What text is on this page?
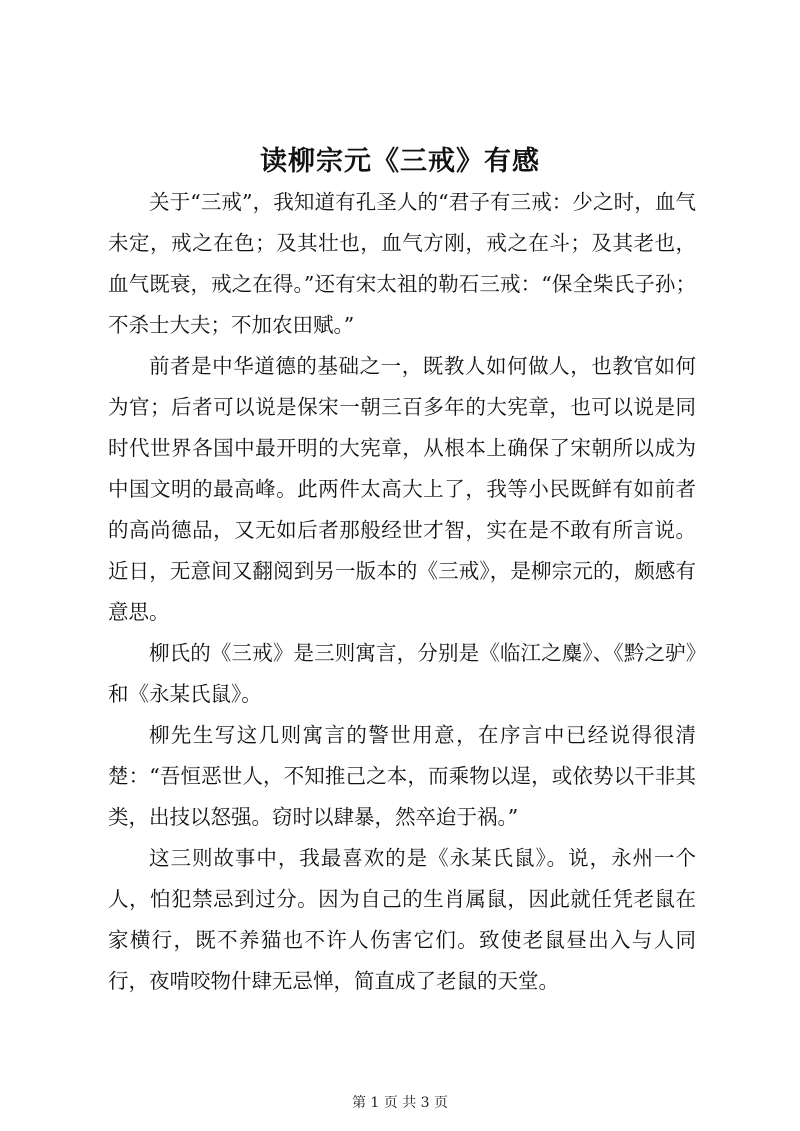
读柳宗元《三戒》有感

关于“三戒”，我知道有孔圣人的“君子有三戒：少之时，血气未定，戒之在色；及其壮也，血气方刚，戒之在斗；及其老也，血气既衰，戒之在得。”还有宋太祖的勒石三戒：“保全柴氏子孙；不杀士大夫；不加农田赋。”

前者是中华道德的基础之一，既教人如何做人，也教官如何为官；后者可以说是保宋一朝三百多年的大宪章，也可以说是同时代世界各国中最开明的大宪章，从根本上确保了宋朝所以成为中国文明的最高峰。此两件太高大上了，我等小民既鲜有如前者的高尚德品，又无如后者那般经世才智，实在是不敢有所言说。近日，无意间又翻阅到另一版本的《三戒》，是柳宗元的，颇感有意思。

柳氏的《三戒》是三则寓言，分别是《临江之麋》、《黔之驴》和《永某氏鼠》。

柳先生写这几则寓言的警世用意，在序言中已经说得很清楚：“吾恒恶世人，不知推己之本，而乘物以逞，或依势以干非其类，出技以怒强。窃时以肆暴，然卒迨于祸。”

这三则故事中，我最喜欢的是《永某氏鼠》。说，永州一个人，怕犯禁忌到过分。因为自己的生肖属鼠，因此就任凭老鼠在家横行，既不养猫也不许人伤害它们。致使老鼠昼出入与人同行，夜啃咬物什肆无忌惮，简直成了老鼠的天堂。

第 1 页 共 3 页
